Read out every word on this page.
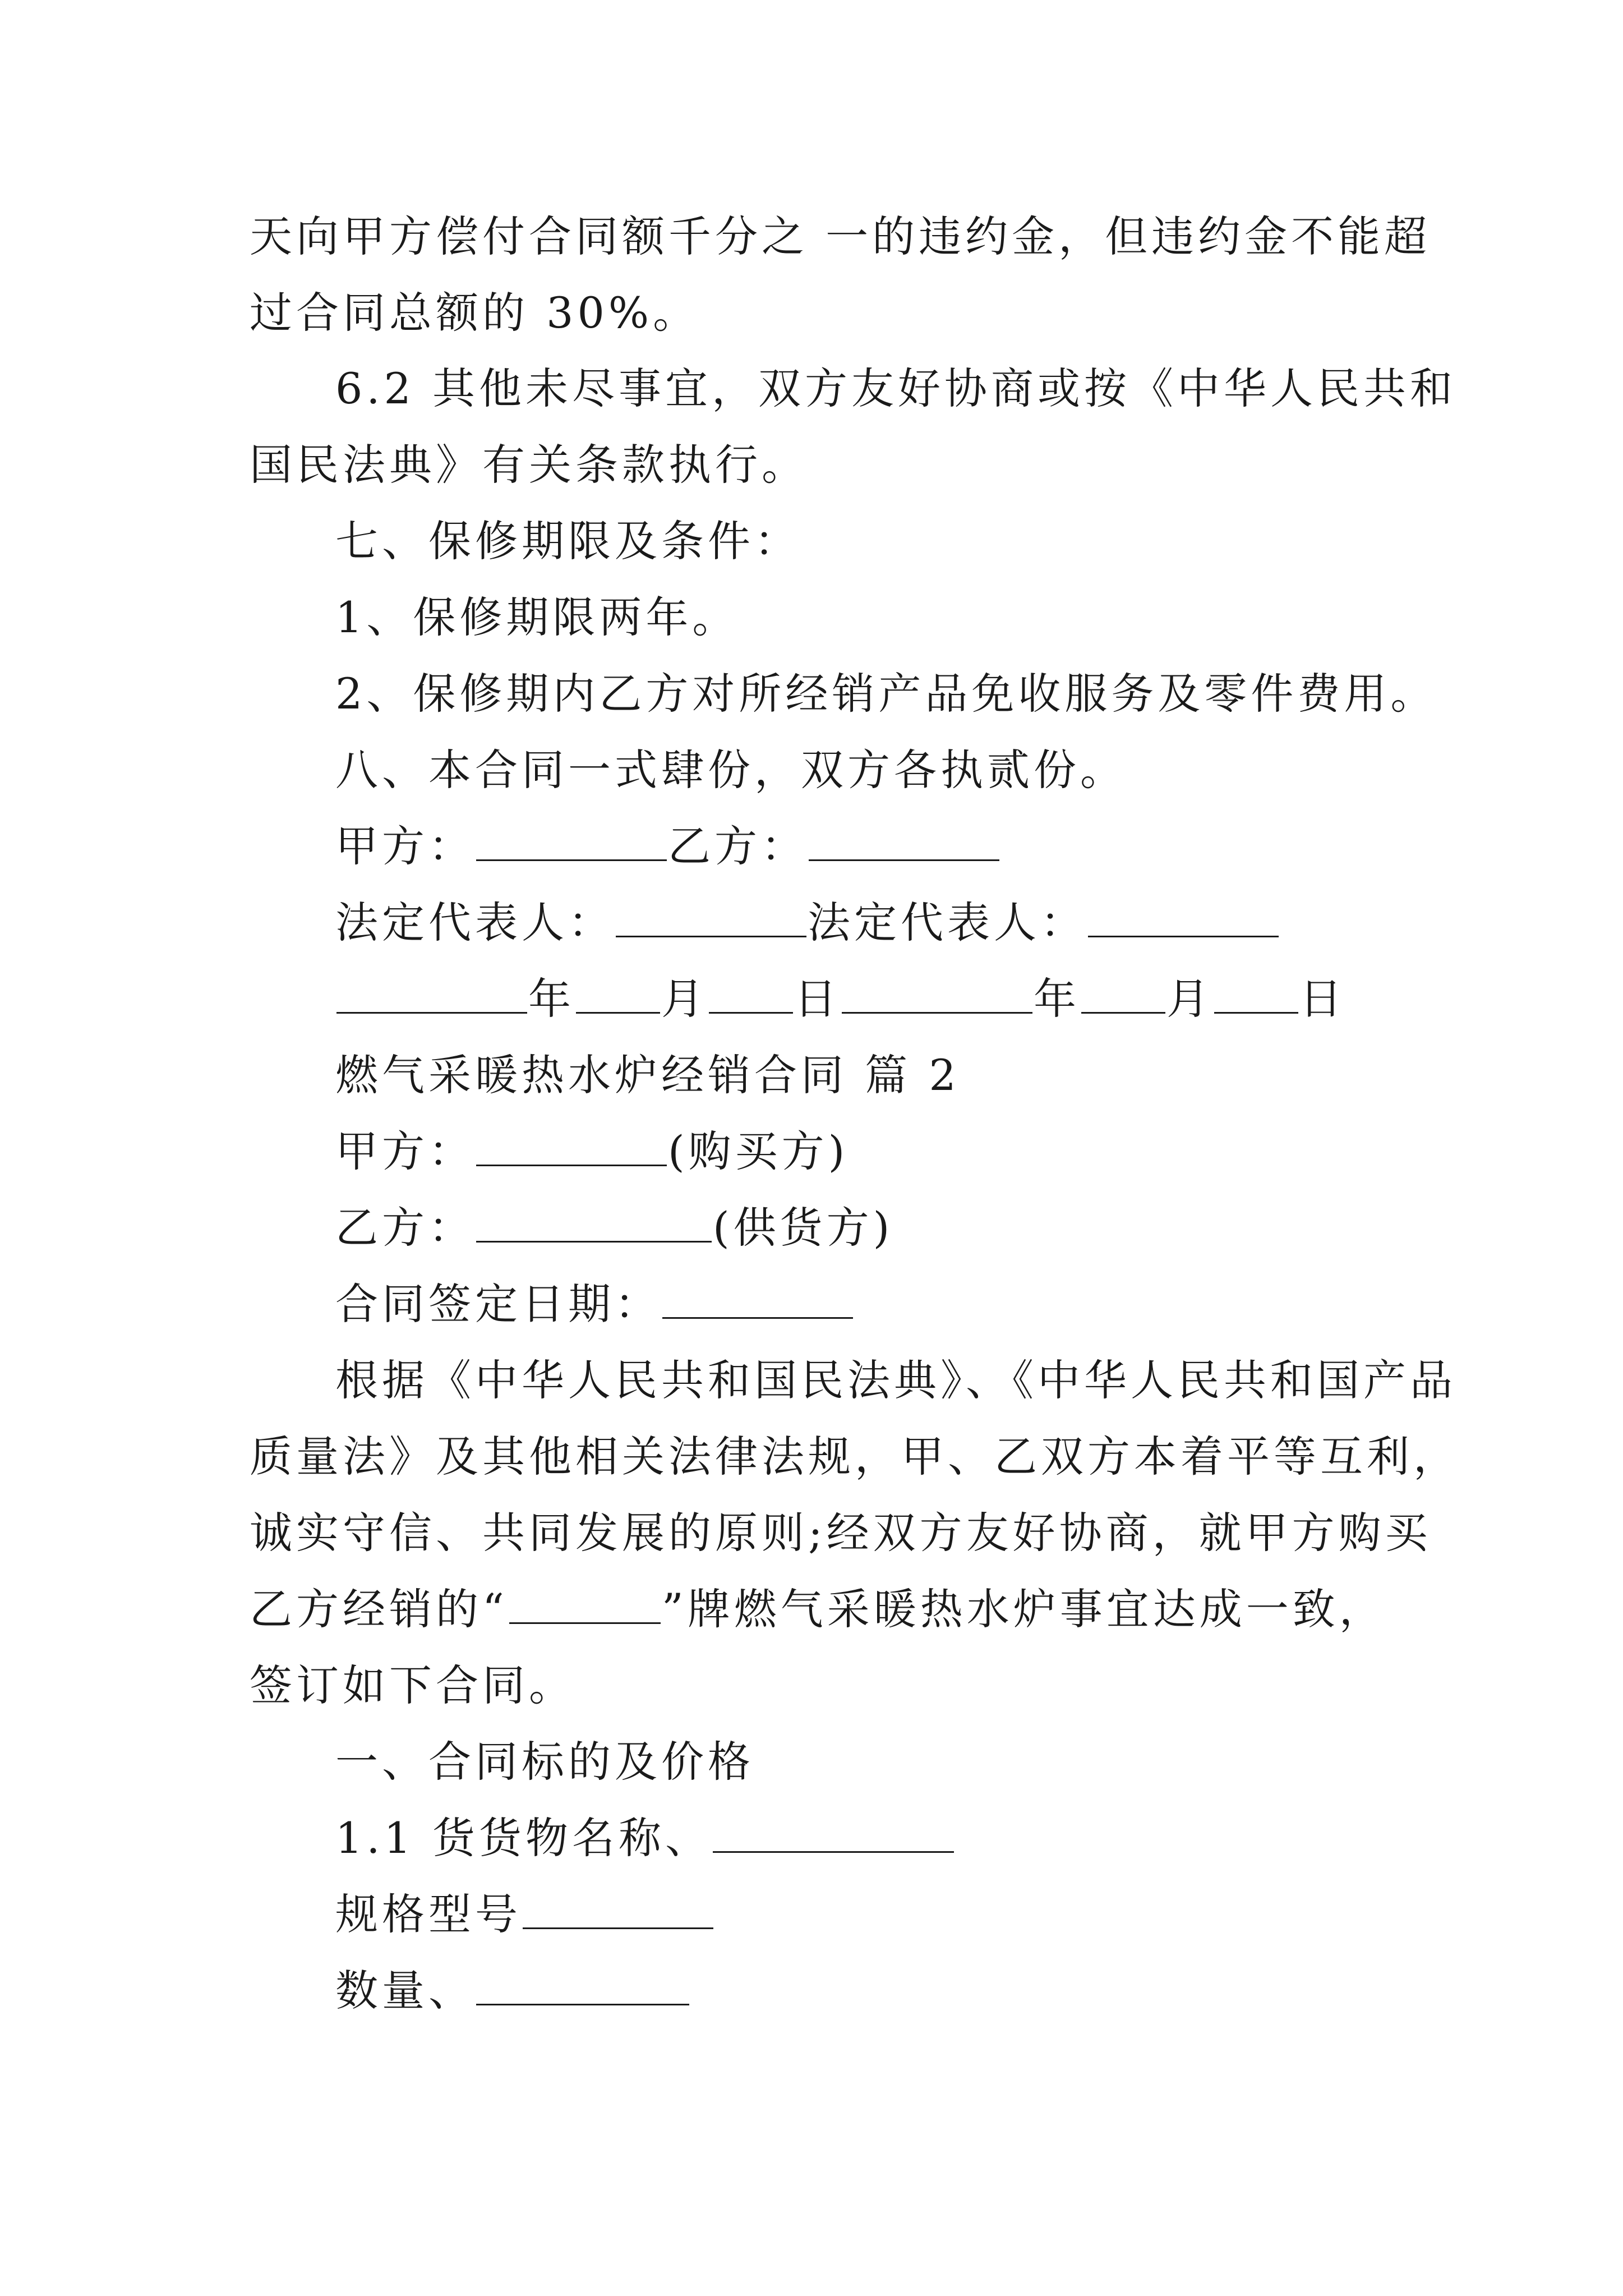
天向甲方偿付合同额千分之 一的违约金，但违约金不能超
过合同总额的 30%。
6.2 其他未尽事宜，双方友好协商或按《中华人民共和
国民法典》有关条款执行。
七、保修期限及条件：
1、保修期限两年。
2、保修期内乙方对所经销产品免收服务及零件费用。
八、本合同一式肆份，双方各执贰份。
甲方：	乙方：
法定代表人：	法定代表人：
年 月 日	年 月 日
燃气采暖热水炉经销合同 篇 2
甲方：	(购买方)
乙方：	(供货方)
合同签定日期：
根据《中华人民共和国民法典》、《中华人民共和国产品
质量法》及其他相关法律法规，甲、乙双方本着平等互利，
诚实守信、共同发展的原则;经双方友好协商，就甲方购买
乙方经销的“	”牌燃气采暖热水炉事宜达成一致，
签订如下合同。
一、合同标的及价格
1.1 货货物名称、
规格型号
数量、
